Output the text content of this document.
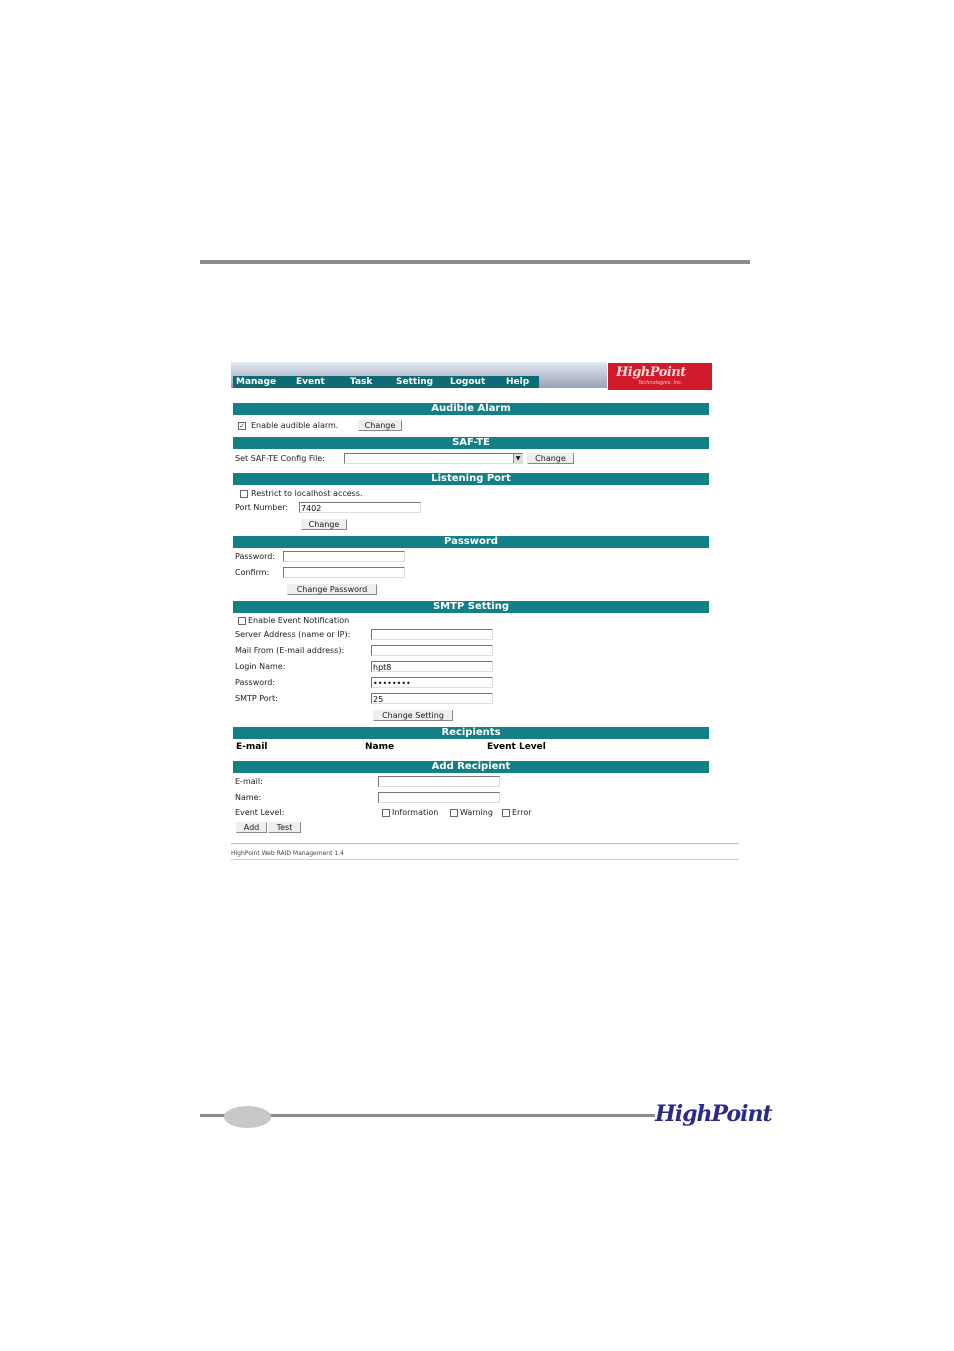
Manage	Event	Task	Setting	Logout	Help
HighPoint
Technologies, Inc.
Audible Alarm
✓ Enable audible alarm.	Change
SAF-TE
Set SAF-TE Config File:	▼	Change
Listening Port
Restrict to localhost access.
Port Number: 7402
Change
Password
Password:
Confirm:
Change Password
SMTP Setting
Enable Event Notification
Server Address (name or IP):
Mail From (E-mail address):
Login Name:	hpt8
Password:	••••••••
SMTP Port:	25
Change Setting
Recipients
E-mail	Name	Event Level
Add Recipient
E-mail:
Name:
Event Level:	Information	Warning Error
Add	Test
HighPoint Web RAID Management 1.4
HighPoint
